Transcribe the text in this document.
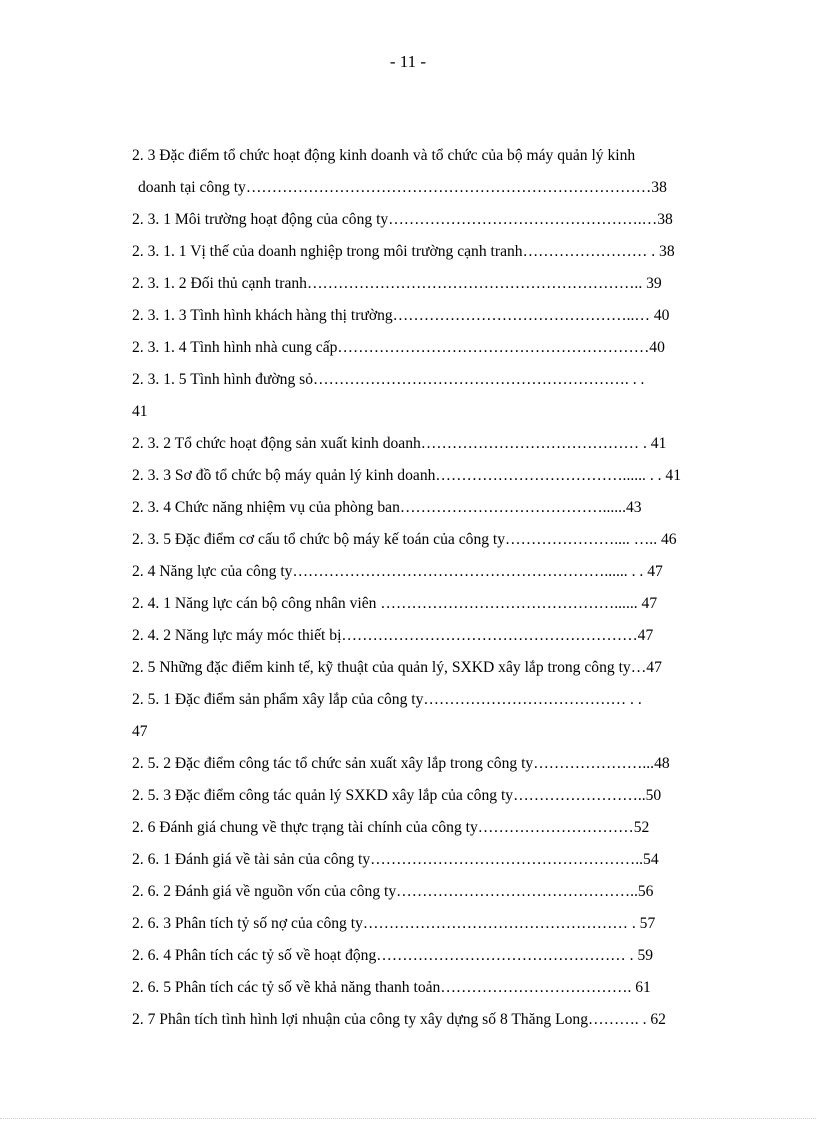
- 11 -
2. 3 Đặc điểm tổ chức hoạt động kinh doanh và tổ chức của bộ máy quản lý kinh
doanh tại công ty……………………………………………………………………38
2. 3. 1 Môi trường hoạt động của công ty………………………………………….…38
2. 3. 1. 1 Vị thế của doanh nghiệp trong môi trường cạnh tranh…………………… . 38
2. 3. 1. 2 Đối thủ cạnh tranh……………………………………………………….. 39
2. 3. 1. 3 Tình hình khách hàng thị trường………………………………………..… 40
2. 3. 1. 4 Tình hình nhà cung cấp……………………………………………………40
2. 3. 1. 5 Tình hình đường sỏ……………………………………………………. . .
41
2. 3. 2 Tổ chức hoạt động sản xuất kinh doanh…………………………………… . 41
2. 3. 3 Sơ đồ tổ chức bộ máy quản lý kinh doanh………………………………...... . . 41
2. 3. 4 Chức năng nhiệm vụ của phòng ban…………………………………......43
2. 3. 5 Đặc điểm cơ cấu tổ chức bộ máy kế toán của công ty………………….... ….. 46
2. 4 Năng lực của công ty……………………………………………………...... . . 47
2. 4. 1 Năng lực cán bộ công nhân viên ………………………………………...... 47
2. 4. 2 Năng lực máy móc thiết bị…………………………………………………47
2. 5 Những đặc điểm kinh tế, kỹ thuật của quản lý, SXKD xây lắp trong công ty…47
2. 5. 1 Đặc điểm sản phẩm xây lắp của công ty………………………………… . .
47
2. 5. 2 Đặc điểm công tác tổ chức sản xuất xây lắp trong công ty…………………...48
2. 5. 3 Đặc điểm công tác quản lý SXKD xây lắp của công ty……………………..50
2. 6 Đánh giá chung về thực trạng tài chính của công ty…………………………52
2. 6. 1 Đánh giá về tài sản của công ty……………………………………………..54
2. 6. 2 Đánh giá về nguồn vốn của công ty………………………………………..56
2. 6. 3 Phân tích tỷ số nợ của công ty…………………………………………… . 57
2. 6. 4 Phân tích các tỷ số về hoạt động………………………………………… . 59
2. 6. 5 Phân tích các tỷ số về khả năng thanh toản………………………………. 61
2. 7 Phân tích tình hình lợi nhuận của công ty xây dựng số 8 Thăng Long………. . 62
